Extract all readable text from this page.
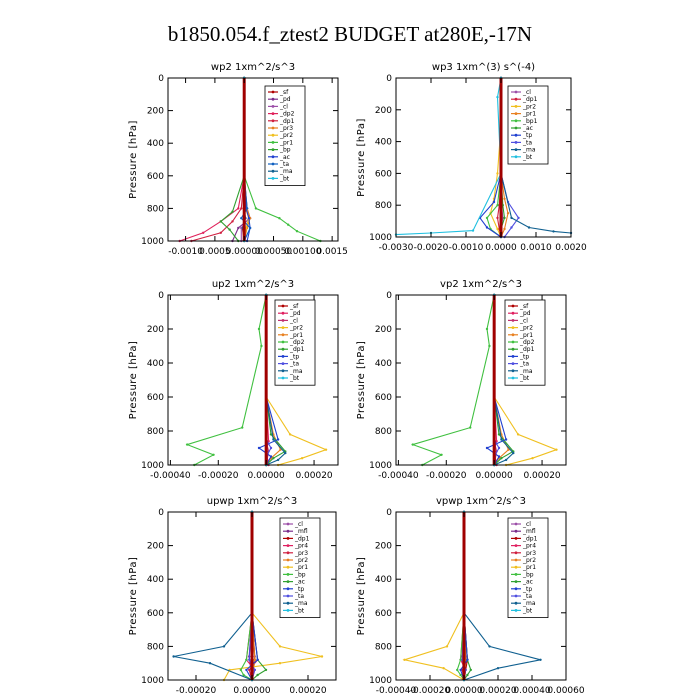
b1850.054.f_ztest2 BUDGET at280E,-17N
wp2 1xm^2/s^3
Pressure [hPa]
0
200
400
600
800
1000
-0.0010
0.0005
0.00000
0.00050
0.00100
0.0015
_sf
_pd
_cl
_dp2
_dp1
_pr3
_pr2
_pr1
_bp
_ac
_ta
_ma
_bt
wp3 1xm^(3) s^(-4)
Pressure [hPa]
0
200
400
600
800
1000
-0.0030 -0.0020 -0.0010 0.0000 0.0010 0.0020
_cl
_dp1
_pr2
_pr1
_bp1
_ac
_tp
_ta
_ma
_bt
up2 1xm^2/s^3
Pressure [hPa]
0
200
400
600
800
1000
-0.00040 -0.00020 0.00000 0.00020
_sf
_pd
_cl
_pr2
_pr1
_dp2
_dp1
_tp
_ta
_ma
_bt
vp2 1xm^2/s^3
Pressure [hPa]
0
200
400
600
800
1000
-0.00040 -0.00020 0.00000 0.00020
_sf
_pd
_cl
_pr2
_pr1
_dp2
_dp1
_tp
_ta
_ma
_bt
upwp 1xm^2/s^3
Pressure [hPa]
0
200
400
600
800
1000
-0.00020 0.00000 0.00020
_cl
_mfl
_dp1
_pr4
_pr3
_pr2
_pr1
_bp
_ac
_tp
_ta
_ma
_bt
vpwp 1xm^2/s^3
Pressure [hPa]
0
200
400
600
800
1000
-0.00040
-0.00020
0.00000
0.00020
0.00040
0.00060
_cl
_mfl
_dp1
_pr4
_pr3
_pr2
_pr1
_bp
_ac
_tp
_ta
_ma
_bt
